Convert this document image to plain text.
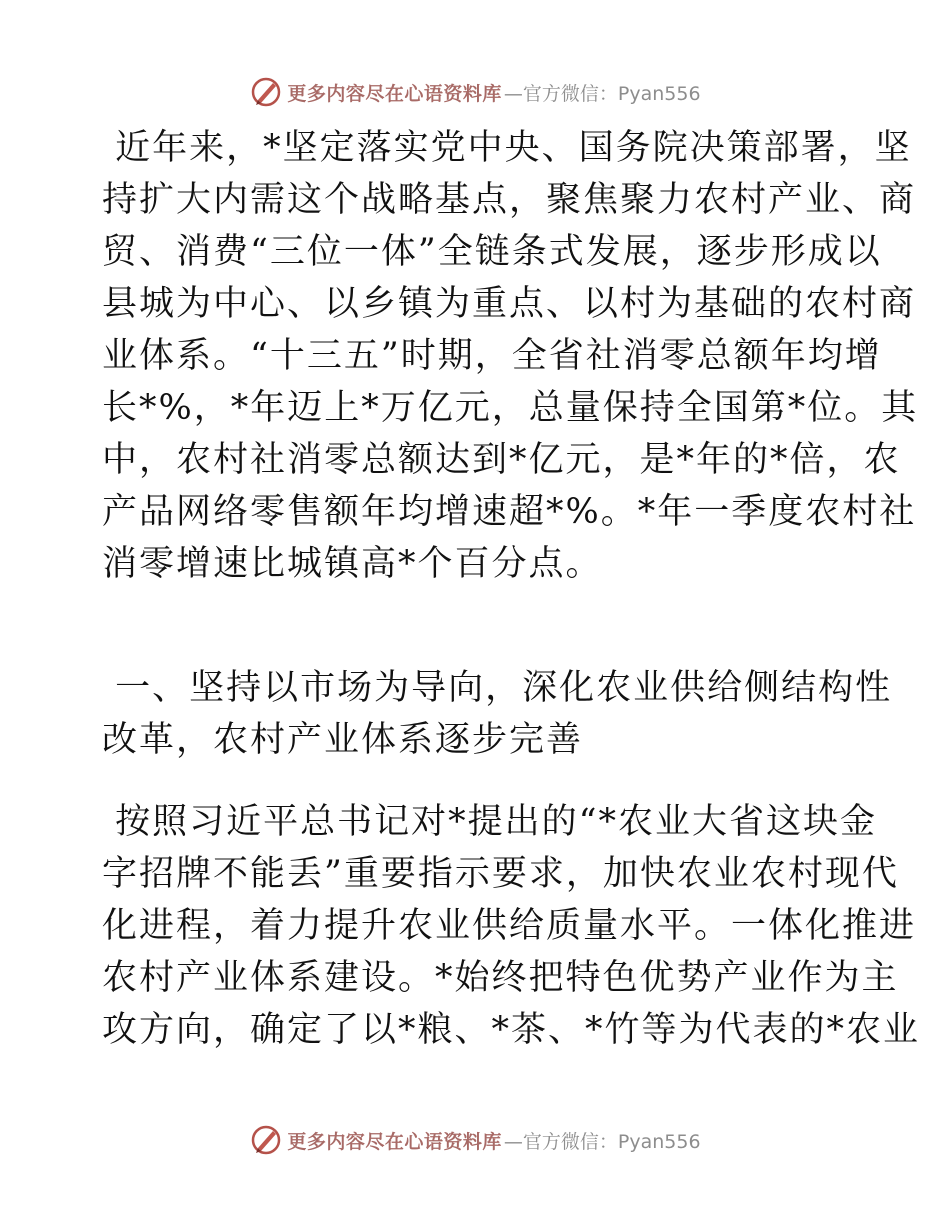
更多内容尽在心语资料库 —官方微信：Pyan556

近年来，*坚定落实党中央、国务院决策部署，坚
持扩大内需这个战略基点，聚焦聚力农村产业、商
贸、消费“三位一体”全链条式发展，逐步形成以
县城为中心、以乡镇为重点、以村为基础的农村商
业体系。“十三五”时期，全省社消零总额年均增
长*%，*年迈上*万亿元，总量保持全国第*位。其
中，农村社消零总额达到*亿元，是*年的*倍，农
产品网络零售额年均增速超*%。*年一季度农村社
消零增速比城镇高*个百分点。

一、坚持以市场为导向，深化农业供给侧结构性
改革，农村产业体系逐步完善

按照习近平总书记对*提出的“*农业大省这块金
字招牌不能丢”重要指示要求，加快农业农村现代
化进程，着力提升农业供给质量水平。一体化推进
农村产业体系建设。*始终把特色优势产业作为主
攻方向，确定了以*粮、*茶、*竹等为代表的*农业

更多内容尽在心语资料库 —官方微信：Pyan556
